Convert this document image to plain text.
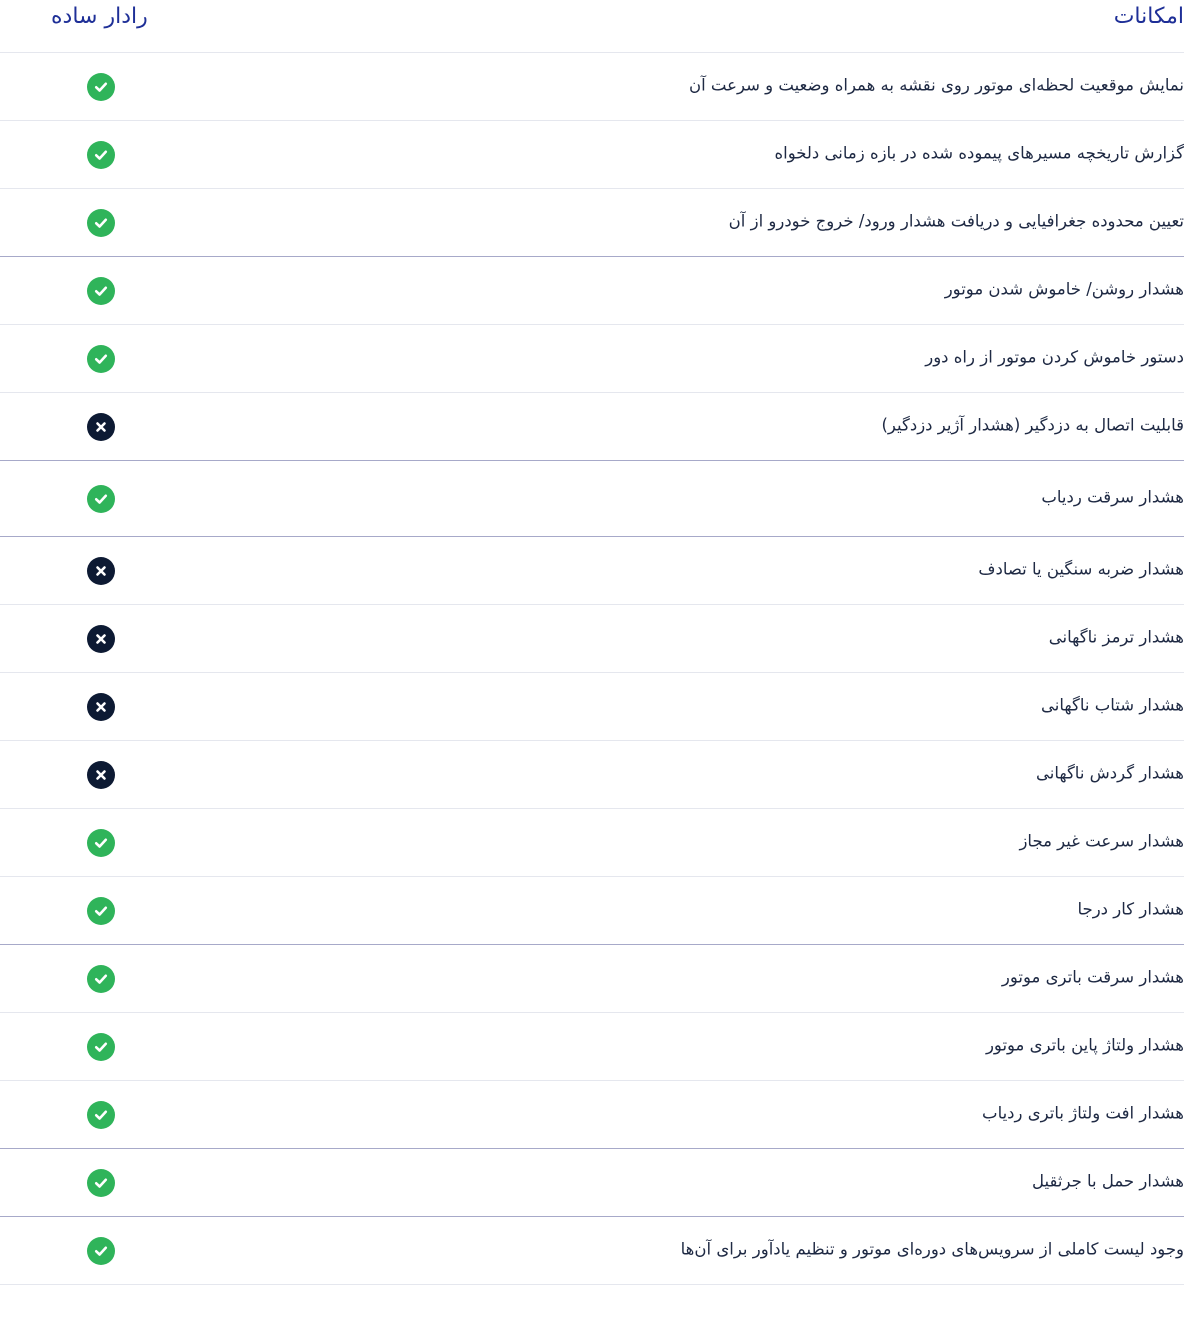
امکانات
رادار ساده
نمایش موقعیت لحظه‌ای موتور روی نقشه به همراه وضعیت و سرعت آن
گزارش تاریخچه مسیرهای پیموده شده در بازه زمانی دلخواه
تعیین محدوده جغرافیایی و دریافت هشدار ورود/ خروج خودرو از آن
هشدار روشن/ خاموش شدن موتور
دستور خاموش کردن موتور از راه دور
قابلیت اتصال به دزدگیر (هشدار آژیر دزدگیر)
هشدار سرقت ردیاب
هشدار ضربه سنگین یا تصادف
هشدار ترمز ناگهانی
هشدار شتاب ناگهانی
هشدار گردش ناگهانی
هشدار سرعت غیر مجاز
هشدار کار درجا
هشدار سرقت باتری موتور
هشدار ولتاژ پاین باتری موتور
هشدار افت ولتاژ باتری ردیاب
هشدار حمل با جرثقیل
وجود لیست کاملی از سرویس‌های دوره‌ای موتور و تنظیم یادآور برای آن‌ها
